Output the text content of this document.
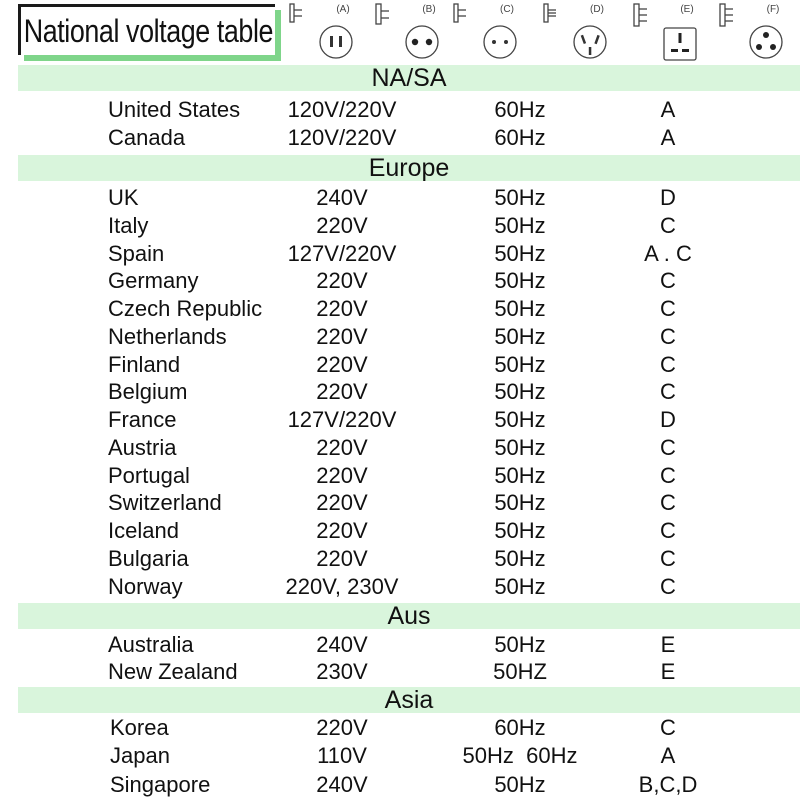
National voltage table
(A)	(B)	(C)	(D)	(E)	(F)
NA/SA
United States 120V/220V	60Hz	A
Canada	120V/220V	60Hz	A
Europe
UK	240V	50Hz	D
Italy	220V	50Hz	C
Spain	127V/220V	50Hz	A . C
Germany	220V	50Hz	C
Czech Republic 220V	50Hz	C
Netherlands	220V	50Hz	C
Finland	220V	50Hz	C
Belgium	220V	50Hz	C
France	127V/220V	50Hz	D
Austria	220V	50Hz	C
Portugal	220V	50Hz	C
Switzerland	220V	50Hz	C
Iceland	220V	50Hz	C
Bulgaria	220V	50Hz	C
Norway	220V, 230V	50Hz	C
Aus
Australia	240V	50Hz	E
New Zealand	230V	50HZ	E
Asia
Korea	220V	60Hz	C
Japan	110V	50Hz  60Hz	A
Singapore	240V	50Hz	B,C,D
